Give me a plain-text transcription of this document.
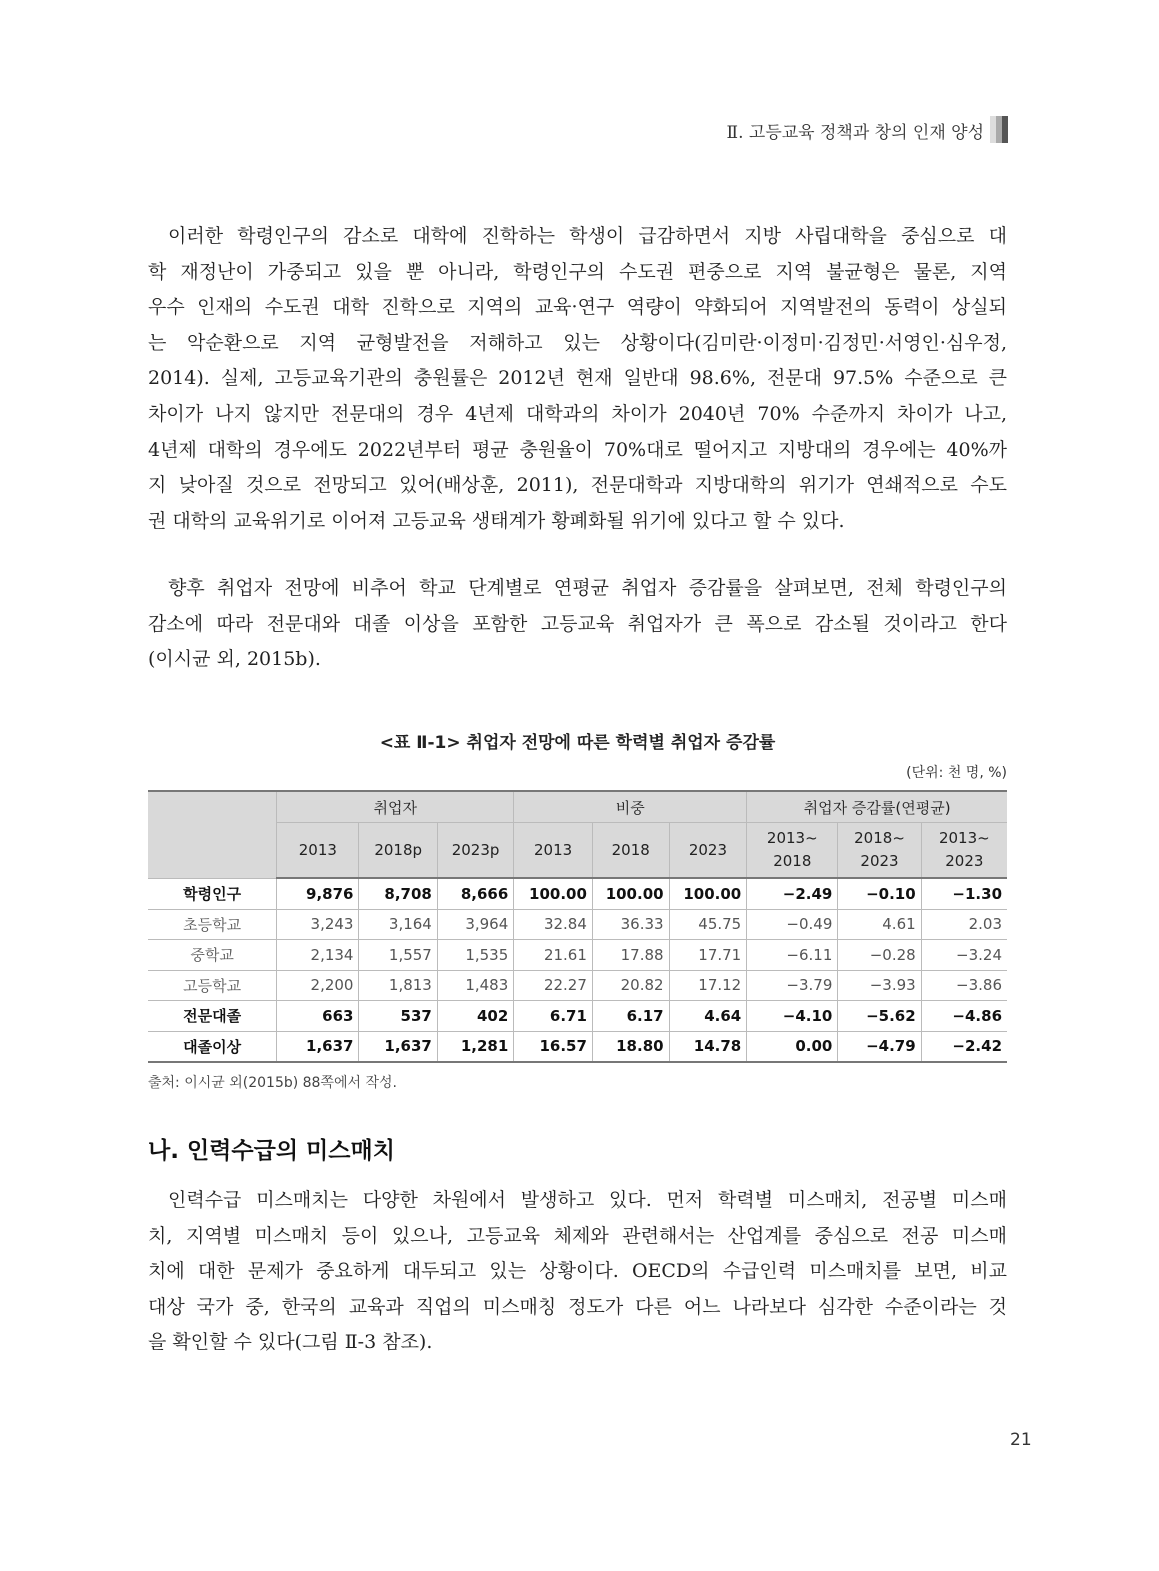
Ⅱ. 고등교육 정책과 창의 인재 양성
이러한 학령인구의 감소로 대학에 진학하는 학생이 급감하면서 지방 사립대학을 중심으로 대
학 재정난이 가중되고 있을 뿐 아니라, 학령인구의 수도권 편중으로 지역 불균형은 물론, 지역
우수 인재의 수도권 대학 진학으로 지역의 교육·연구 역량이 약화되어 지역발전의 동력이 상실되
는 악순환으로 지역 균형발전을 저해하고 있는 상황이다(김미란·이정미·김정민·서영인·심우정,
2014). 실제, 고등교육기관의 충원률은 2012년 현재 일반대 98.6%, 전문대 97.5% 수준으로 큰
차이가 나지 않지만 전문대의 경우 4년제 대학과의 차이가 2040년 70% 수준까지 차이가 나고,
4년제 대학의 경우에도 2022년부터 평균 충원율이 70%대로 떨어지고 지방대의 경우에는 40%까
지 낮아질 것으로 전망되고 있어(배상훈, 2011), 전문대학과 지방대학의 위기가 연쇄적으로 수도
권 대학의 교육위기로 이어져 고등교육 생태계가 황폐화될 위기에 있다고 할 수 있다.
향후 취업자 전망에 비추어 학교 단계별로 연평균 취업자 증감률을 살펴보면, 전체 학령인구의
감소에 따라 전문대와 대졸 이상을 포함한 고등교육 취업자가 큰 폭으로 감소될 것이라고 한다
(이시균 외, 2015b).
<표 Ⅱ-1> 취업자 전망에 따른 학력별 취업자 증감률
(단위: 천 명, %)
	취업자			비중			취업자 증감률(연평균)		
	2013	2018p	2023p	2013	2018	2023	2013~
2018	2018~
2023	2013~
2023
학령인구	9,876	8,708	8,666	100.00	100.00	100.00	−2.49	−0.10	−1.30
초등학교	3,243	3,164	3,964	32.84	36.33	45.75	−0.49	4.61	2.03
중학교	2,134	1,557	1,535	21.61	17.88	17.71	−6.11	−0.28	−3.24
고등학교	2,200	1,813	1,483	22.27	20.82	17.12	−3.79	−3.93	−3.86
전문대졸	663	537	402	6.71	6.17	4.64	−4.10	−5.62	−4.86
대졸이상	1,637	1,637	1,281	16.57	18.80	14.78	0.00	−4.79	−2.42
출처: 이시균 외(2015b) 88쪽에서 작성.
나. 인력수급의 미스매치
인력수급 미스매치는 다양한 차원에서 발생하고 있다. 먼저 학력별 미스매치, 전공별 미스매
치, 지역별 미스매치 등이 있으나, 고등교육 체제와 관련해서는 산업계를 중심으로 전공 미스매
치에 대한 문제가 중요하게 대두되고 있는 상황이다. OECD의 수급인력 미스매치를 보면, 비교
대상 국가 중, 한국의 교육과 직업의 미스매칭 정도가 다른 어느 나라보다 심각한 수준이라는 것
을 확인할 수 있다(그림 Ⅱ-3 참조).
21
